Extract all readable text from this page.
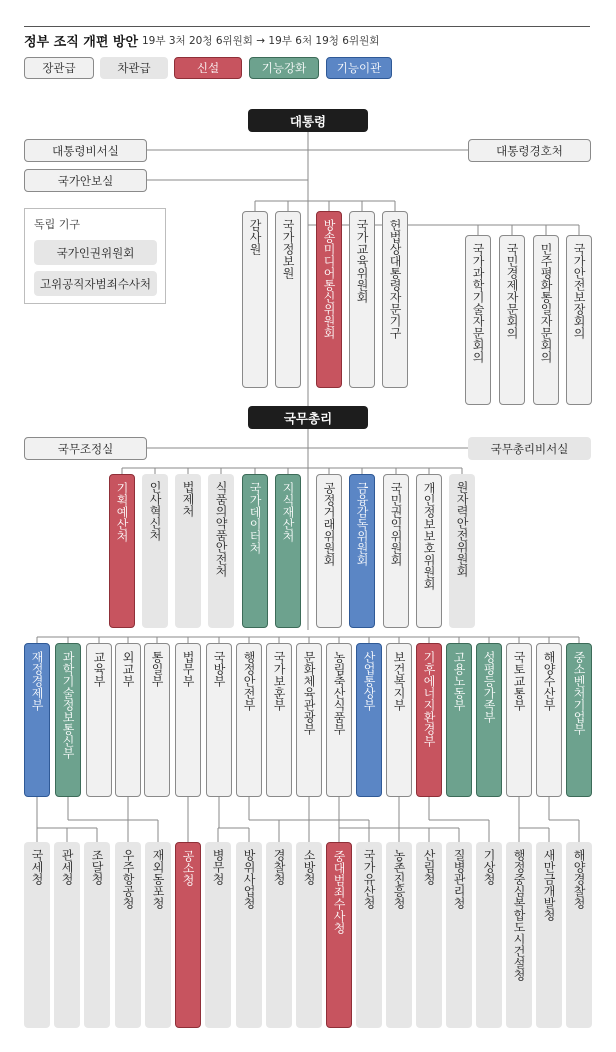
정부 조직 개편 방안 19부 3처 20청 6위원회 → 19부 6처 19청 6위원회
독립 기구
장관급	차관급	신설	기능강화	기능이관
대통령
대통령비서실
국가안보실
대통령경호처
국가인권위원회
고위공직자범죄수사처
감사원 국가정보원 방송미디어통신위원회 국가교육위원회 헌법상대통령자문기구	국가과학기술자문회의 국민경제자문회의 민주평화통일자문회의 국가안전보장회의
국무총리
국무조정실	국무총리비서실
기획예산처 인사혁신처 법제처 식품의약품안전처 국가데이터처 지식재산처 공정거래위원회 금융감독위원회 국민권익위원회 개인정보보호위원회 원자력안전위원회
재정경제부 과학기술정보통신부 교육부 외교부 통일부 법무부 국방부 행정안전부 국가보훈부 문화체육관광부 농림축산식품부 산업통상부 보건복지부 기후에너지환경부 고용노동부 성평등가족부 국토교통부 해양수산부 중소벤처기업부
국세청 관세청 조달청 우주항공청 재외동포청 공소청 병무청 방위사업청 경찰청 소방청 중대범죄수사청 국가유산청 농촌진흥청 산림청 질병관리청 기상청 행정중심복합도시건설청 새만금개발청 해양경찰청
